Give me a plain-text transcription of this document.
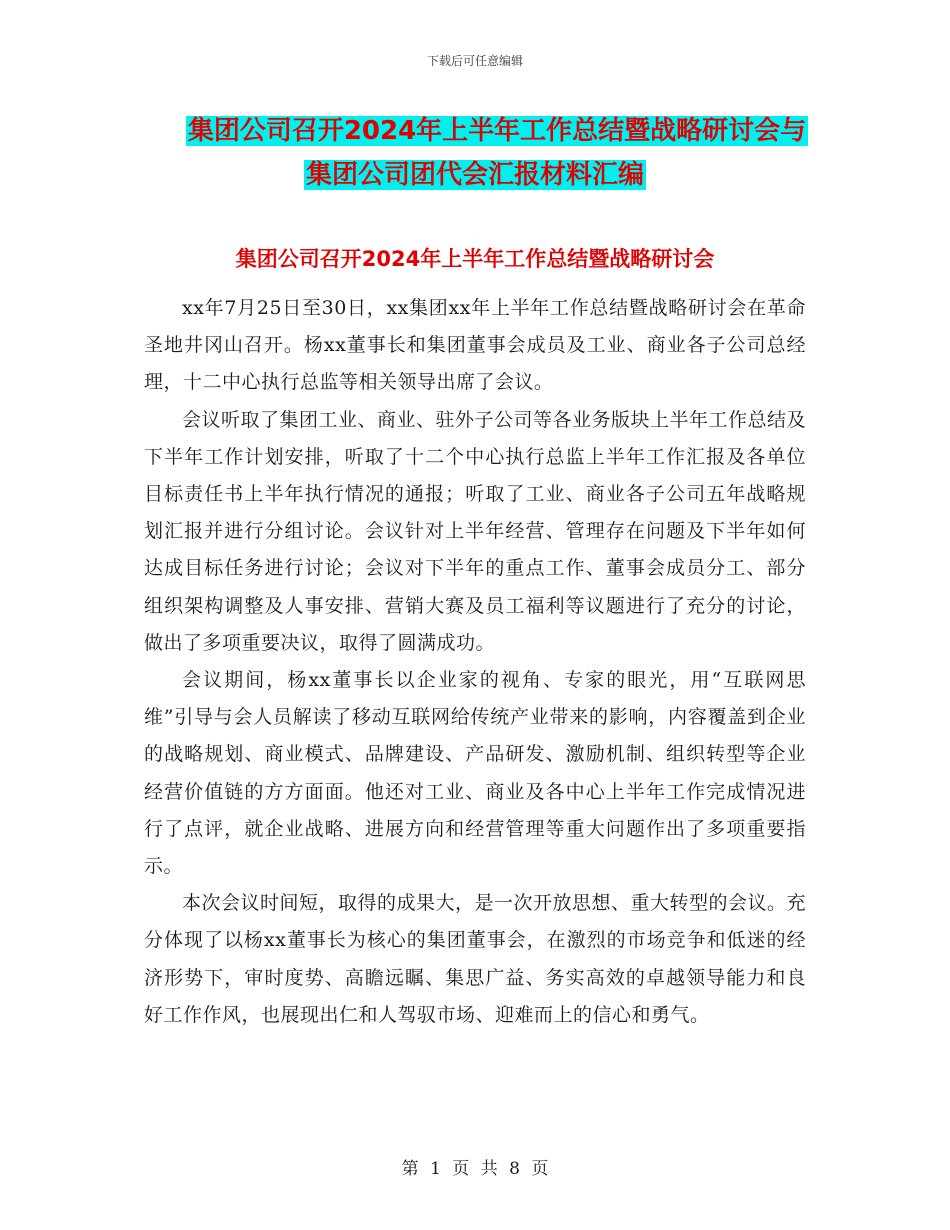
下载后可任意编辑
集团公司召开2024年上半年工作总结暨战略研讨会与
集团公司团代会汇报材料汇编
集团公司召开2024年上半年工作总结暨战略研讨会

xx年7月25日至30日，xx集团xx年上半年工作总结暨战略研讨会在革命圣地井冈山召开。杨xx董事长和集团董事会成员及工业、商业各子公司总经理，十二中心执行总监等相关领导出席了会议。

会议听取了集团工业、商业、驻外子公司等各业务版块上半年工作总结及下半年工作计划安排，听取了十二个中心执行总监上半年工作汇报及各单位目标责任书上半年执行情况的通报；听取了工业、商业各子公司五年战略规划汇报并进行分组讨论。会议针对上半年经营、管理存在问题及下半年如何达成目标任务进行讨论；会议对下半年的重点工作、董事会成员分工、部分组织架构调整及人事安排、营销大赛及员工福利等议题进行了充分的讨论，做出了多项重要决议，取得了圆满成功。

会议期间，杨xx董事长以企业家的视角、专家的眼光，用“互联网思维”引导与会人员解读了移动互联网给传统产业带来的影响，内容覆盖到企业的战略规划、商业模式、品牌建设、产品研发、激励机制、组织转型等企业经营价值链的方方面面。他还对工业、商业及各中心上半年工作完成情况进行了点评，就企业战略、进展方向和经营管理等重大问题作出了多项重要指示。

本次会议时间短，取得的成果大，是一次开放思想、重大转型的会议。充分体现了以杨xx董事长为核心的集团董事会，在激烈的市场竞争和低迷的经济形势下，审时度势、高瞻远瞩、集思广益、务实高效的卓越领导能力和良好工作作风，也展现出仁和人驾驭市场、迎难而上的信心和勇气。

第 1 页 共 8 页
